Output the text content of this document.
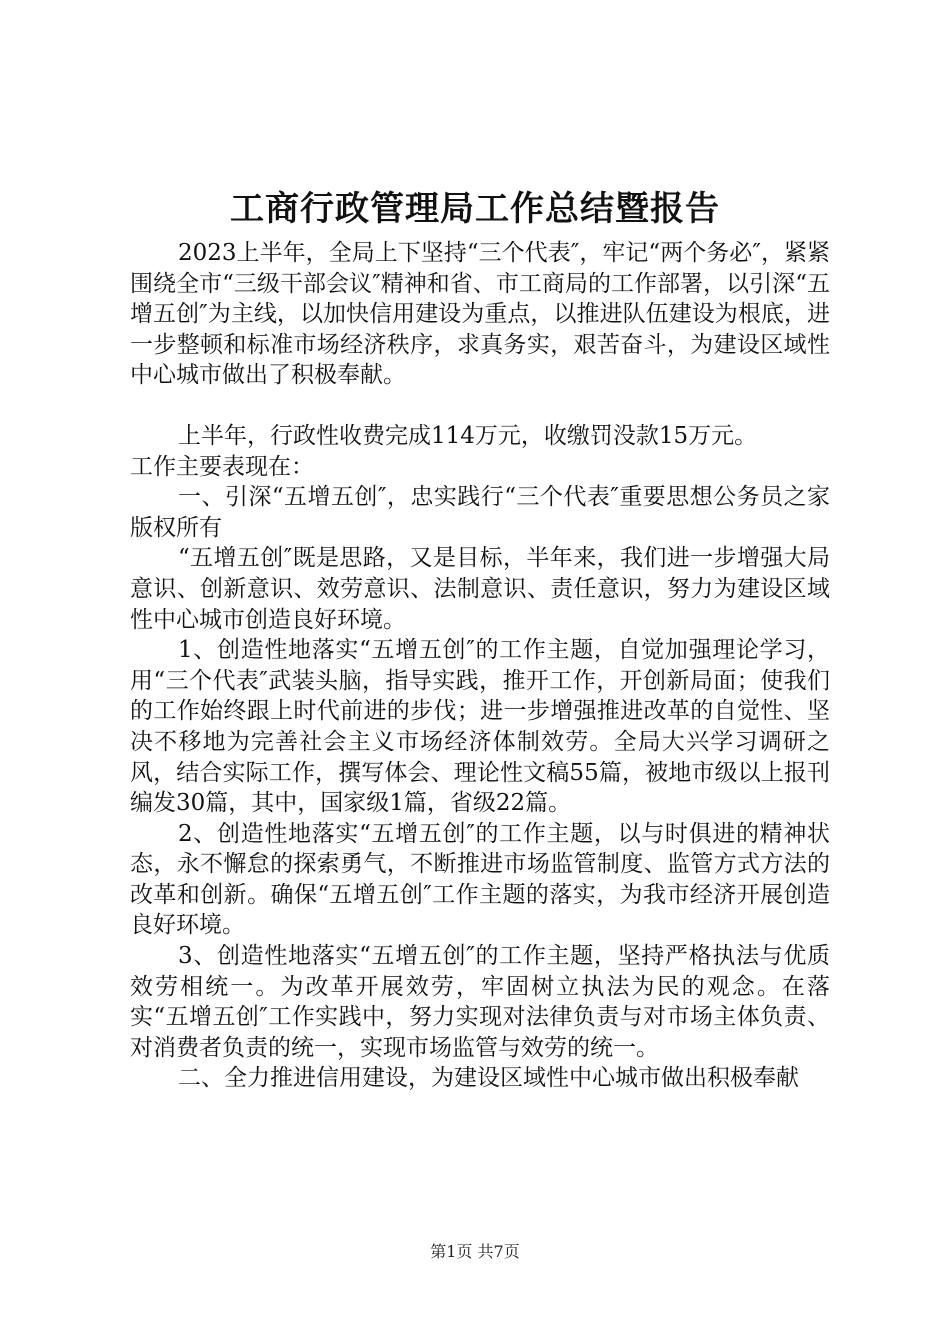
工商行政管理局工作总结暨报告

2023上半年，全局上下坚持“三个代表″，牢记“两个务必″，紧紧围绕全市“三级干部会议″精神和省、市工商局的工作部署，以引深“五增五创″为主线，以加快信用建设为重点，以推进队伍建设为根底，进一步整顿和标准市场经济秩序，求真务实，艰苦奋斗，为建设区域性中心城市做出了积极奉献。

上半年，行政性收费完成114万元，收缴罚没款15万元。

工作主要表现在：

一、引深“五增五创″，忠实践行“三个代表″重要思想公务员之家版权所有

“五增五创″既是思路，又是目标，半年来，我们进一步增强大局意识、创新意识、效劳意识、法制意识、责任意识，努力为建设区域性中心城市创造良好环境。

1、创造性地落实“五增五创″的工作主题，自觉加强理论学习，用“三个代表″武装头脑，指导实践，推开工作，开创新局面；使我们的工作始终跟上时代前进的步伐；进一步增强推进改革的自觉性、坚决不移地为完善社会主义市场经济体制效劳。全局大兴学习调研之风，结合实际工作，撰写体会、理论性文稿55篇，被地市级以上报刊编发30篇，其中，国家级1篇，省级22篇。

2、创造性地落实“五增五创″的工作主题，以与时俱进的精神状态，永不懈怠的探索勇气，不断推进市场监管制度、监管方式方法的改革和创新。确保“五增五创″工作主题的落实，为我市经济开展创造良好环境。

3、创造性地落实“五增五创″的工作主题，坚持严格执法与优质效劳相统一。为改革开展效劳，牢固树立执法为民的观念。在落实“五增五创″工作实践中，努力实现对法律负责与对市场主体负责、对消费者负责的统一，实现市场监管与效劳的统一。

二、全力推进信用建设，为建设区域性中心城市做出积极奉献

第1页 共7页
